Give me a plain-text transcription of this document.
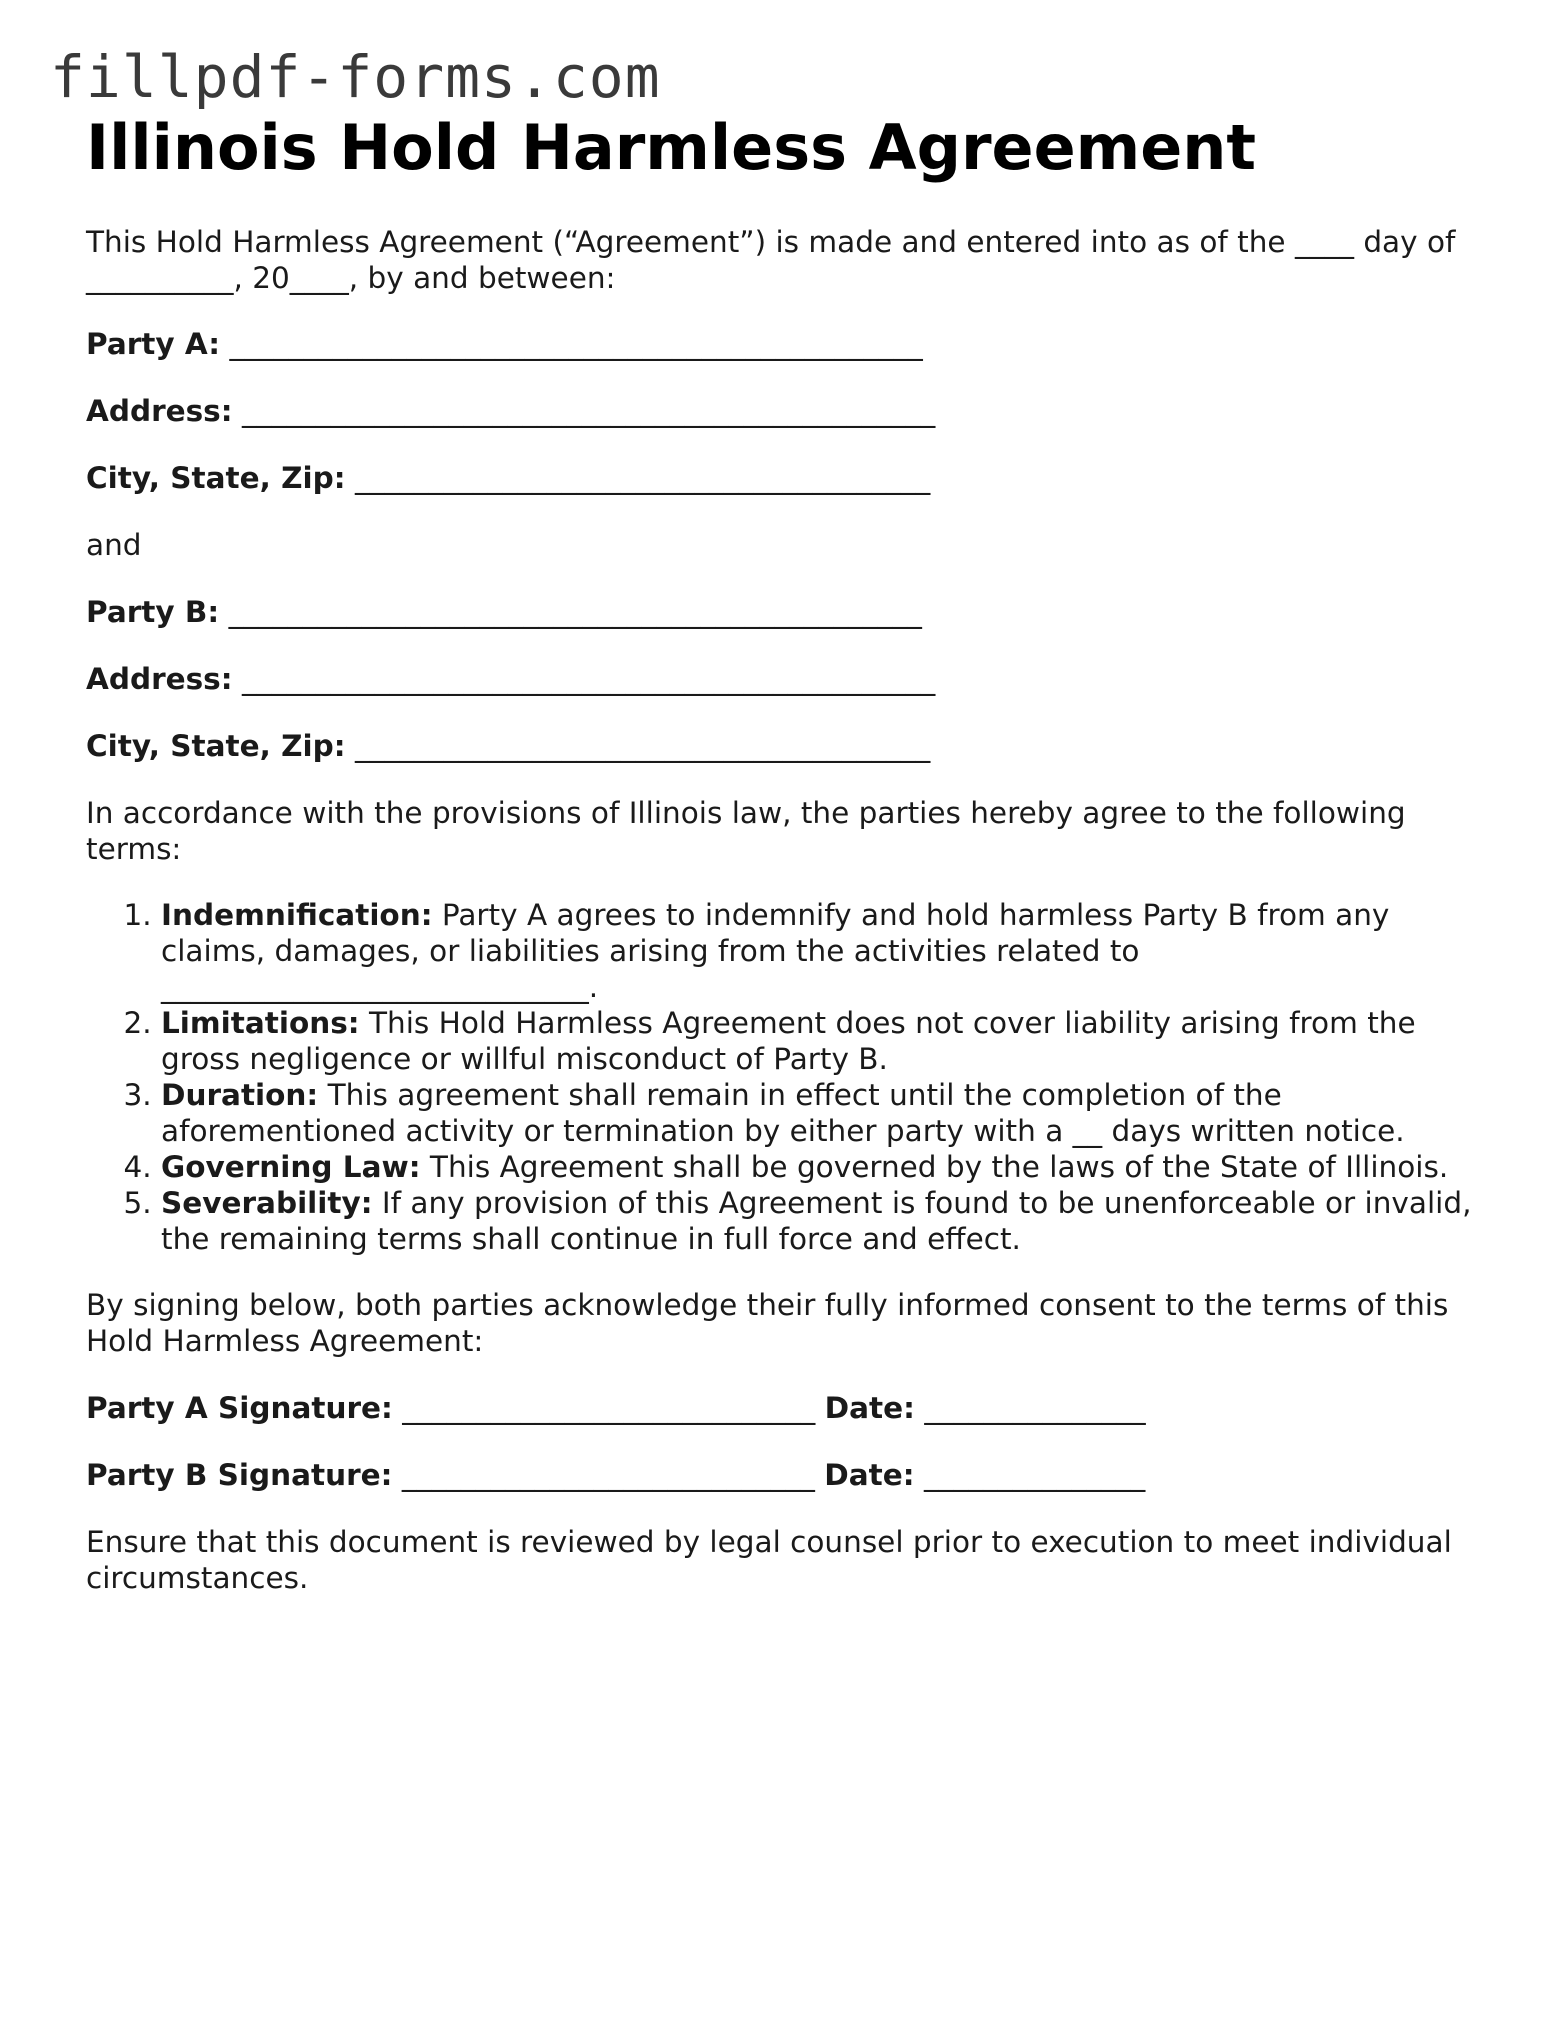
fillpdf-forms.com
Illinois Hold Harmless Agreement

This Hold Harmless Agreement (“Agreement”) is made and entered into as of the ____ day of __________, 20____, by and between:

Party A: _______________________________________________
Address: _______________________________________________
City, State, Zip: _______________________________________
and
Party B: _______________________________________________
Address: _______________________________________________
City, State, Zip: _______________________________________

In accordance with the provisions of Illinois law, the parties hereby agree to the following terms:

1. Indemnification: Party A agrees to indemnify and hold harmless Party B from any claims, damages, or liabilities arising from the activities related to _____________________________.
2. Limitations: This Hold Harmless Agreement does not cover liability arising from the gross negligence or willful misconduct of Party B.
3. Duration: This agreement shall remain in effect until the completion of the aforementioned activity or termination by either party with a __ days written notice.
4. Governing Law: This Agreement shall be governed by the laws of the State of Illinois.
5. Severability: If any provision of this Agreement is found to be unenforceable or invalid, the remaining terms shall continue in full force and effect.

By signing below, both parties acknowledge their fully informed consent to the terms of this Hold Harmless Agreement:

Party A Signature: ____________________________ Date: _______________
Party B Signature: ____________________________ Date: _______________

Ensure that this document is reviewed by legal counsel prior to execution to meet individual circumstances.
